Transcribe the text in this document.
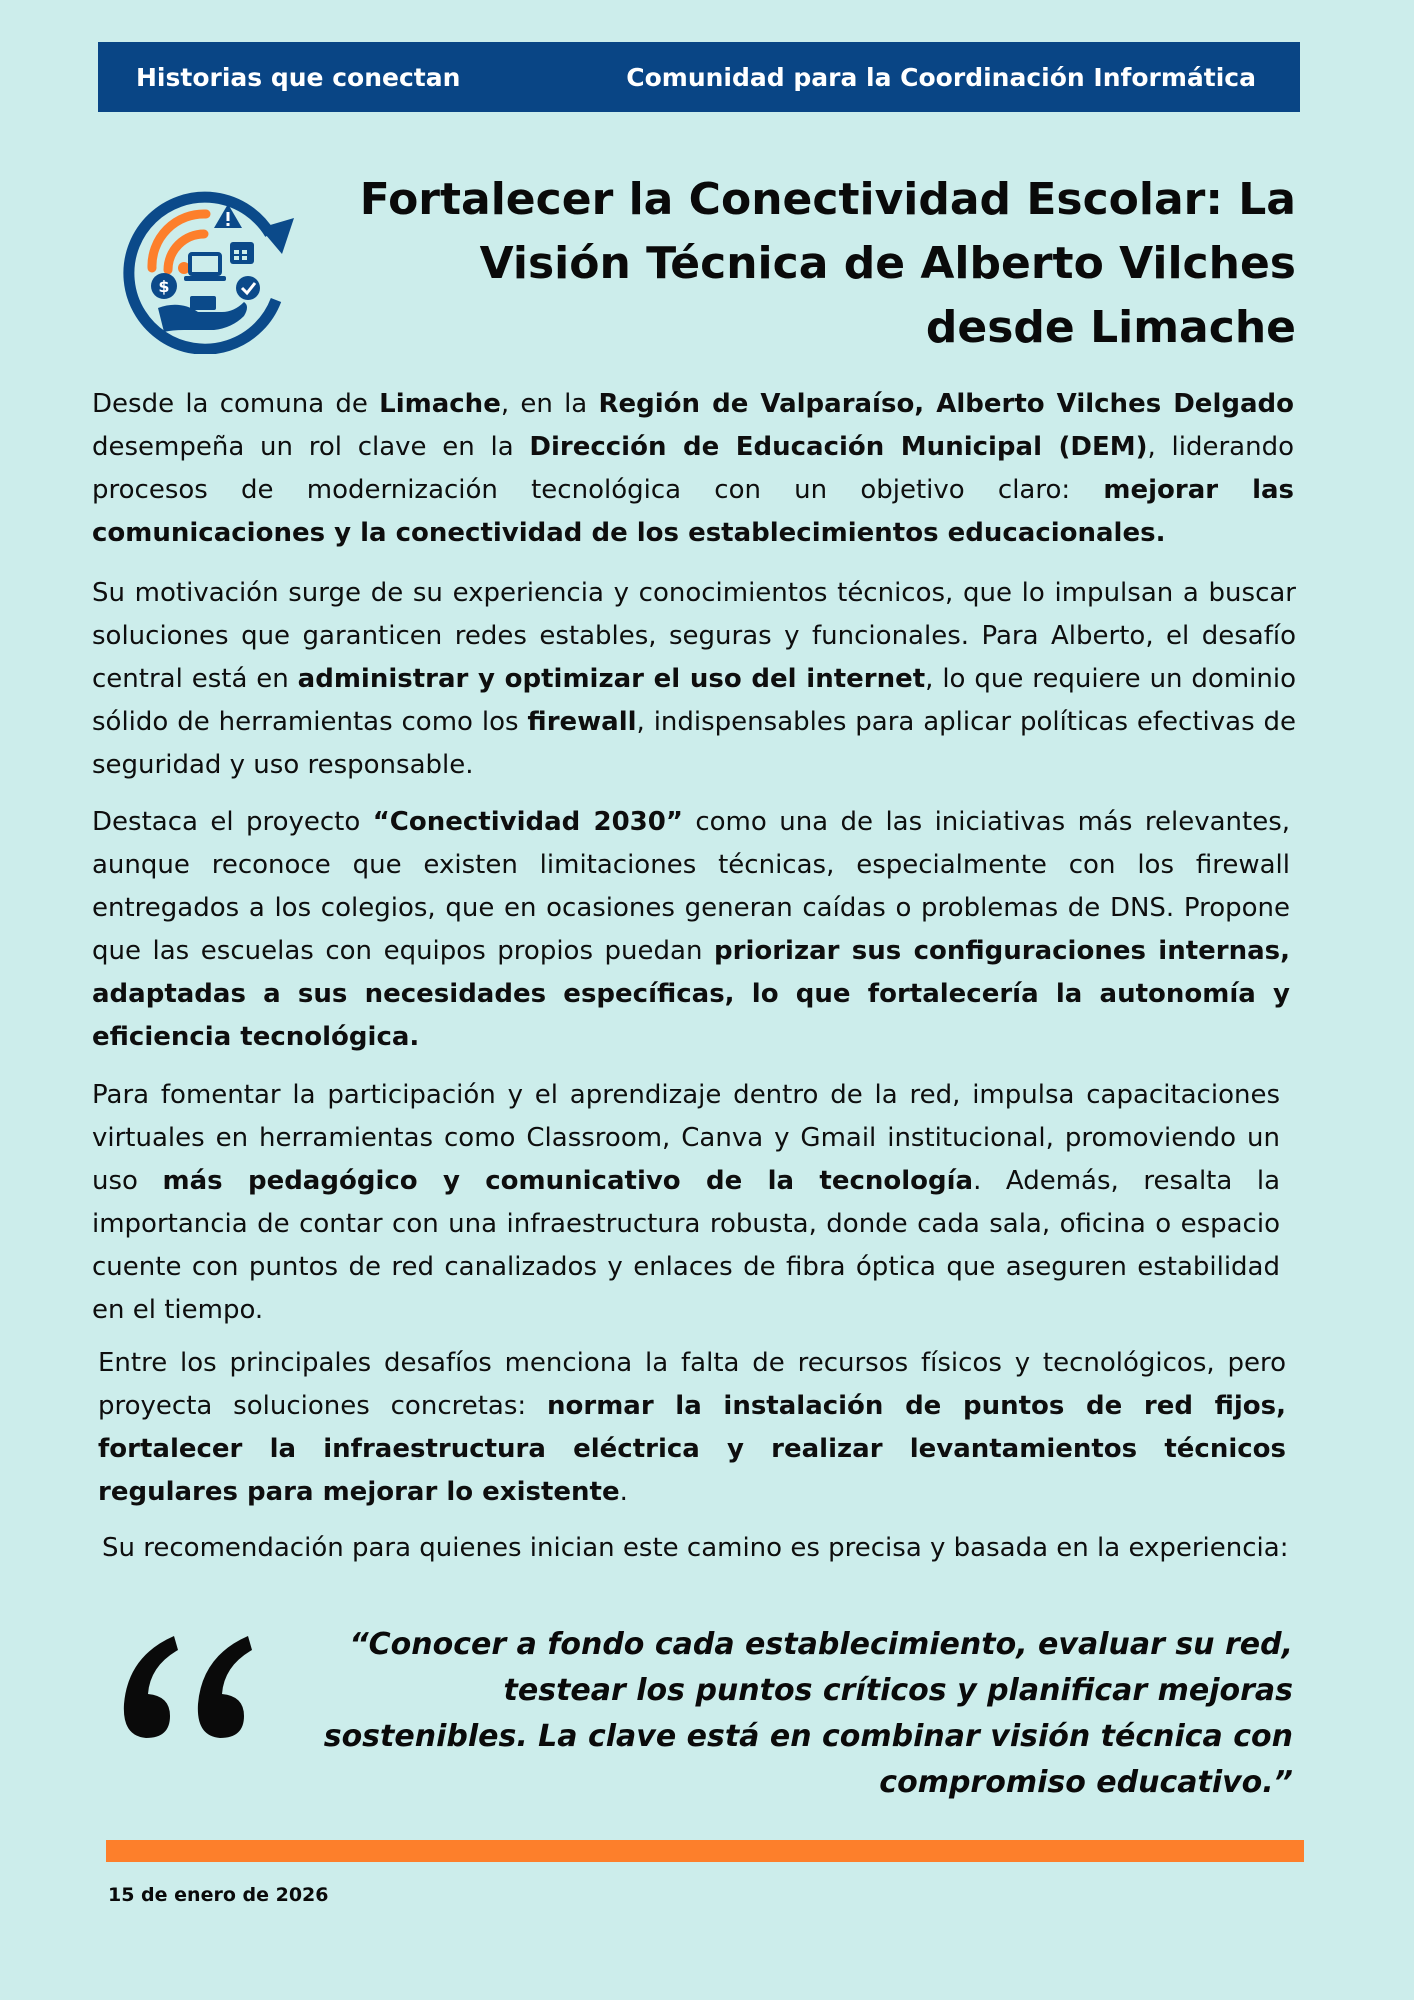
Historias que conectan	Comunidad para la Coordinación Informática
$
Fortalecer la Conectividad Escolar: La Visión Técnica de Alberto Vilches desde Limache

Desde la comuna de Limache, en la Región de Valparaíso, Alberto Vilches Delgado desempeña un rol clave en la Dirección de Educación Municipal (DEM), liderando procesos de modernización tecnológica con un objetivo claro: mejorar las comunicaciones y la conectividad de los establecimientos educacionales.

Su motivación surge de su experiencia y conocimientos técnicos, que lo impulsan a buscar soluciones que garanticen redes estables, seguras y funcionales. Para Alberto, el desafío central está en administrar y optimizar el uso del internet, lo que requiere un dominio sólido de herramientas como los firewall, indispensables para aplicar políticas efectivas de seguridad y uso responsable.

Destaca el proyecto “Conectividad 2030” como una de las iniciativas más relevantes, aunque reconoce que existen limitaciones técnicas, especialmente con los firewall entregados a los colegios, que en ocasiones generan caídas o problemas de DNS. Propone que las escuelas con equipos propios puedan priorizar sus configuraciones internas, adaptadas a sus necesidades específicas, lo que fortalecería la autonomía y eficiencia tecnológica.

Para fomentar la participación y el aprendizaje dentro de la red, impulsa capacitaciones virtuales en herramientas como Classroom, Canva y Gmail institucional, promoviendo un uso más pedagógico y comunicativo de la tecnología. Además, resalta la importancia de contar con una infraestructura robusta, donde cada sala, oficina o espacio cuente con puntos de red canalizados y enlaces de fibra óptica que aseguren estabilidad en el tiempo.

Entre los principales desafíos menciona la falta de recursos físicos y tecnológicos, pero proyecta soluciones concretas: normar la instalación de puntos de red fijos, fortalecer la infraestructura eléctrica y realizar levantamientos técnicos regulares para mejorar lo existente.

Su recomendación para quienes inician este camino es precisa y basada en la experiencia:

“Conocer a fondo cada establecimiento, evaluar su red, testear los puntos críticos y planificar mejoras sostenibles. La clave está en combinar visión técnica con compromiso educativo.”

15 de enero de 2026
